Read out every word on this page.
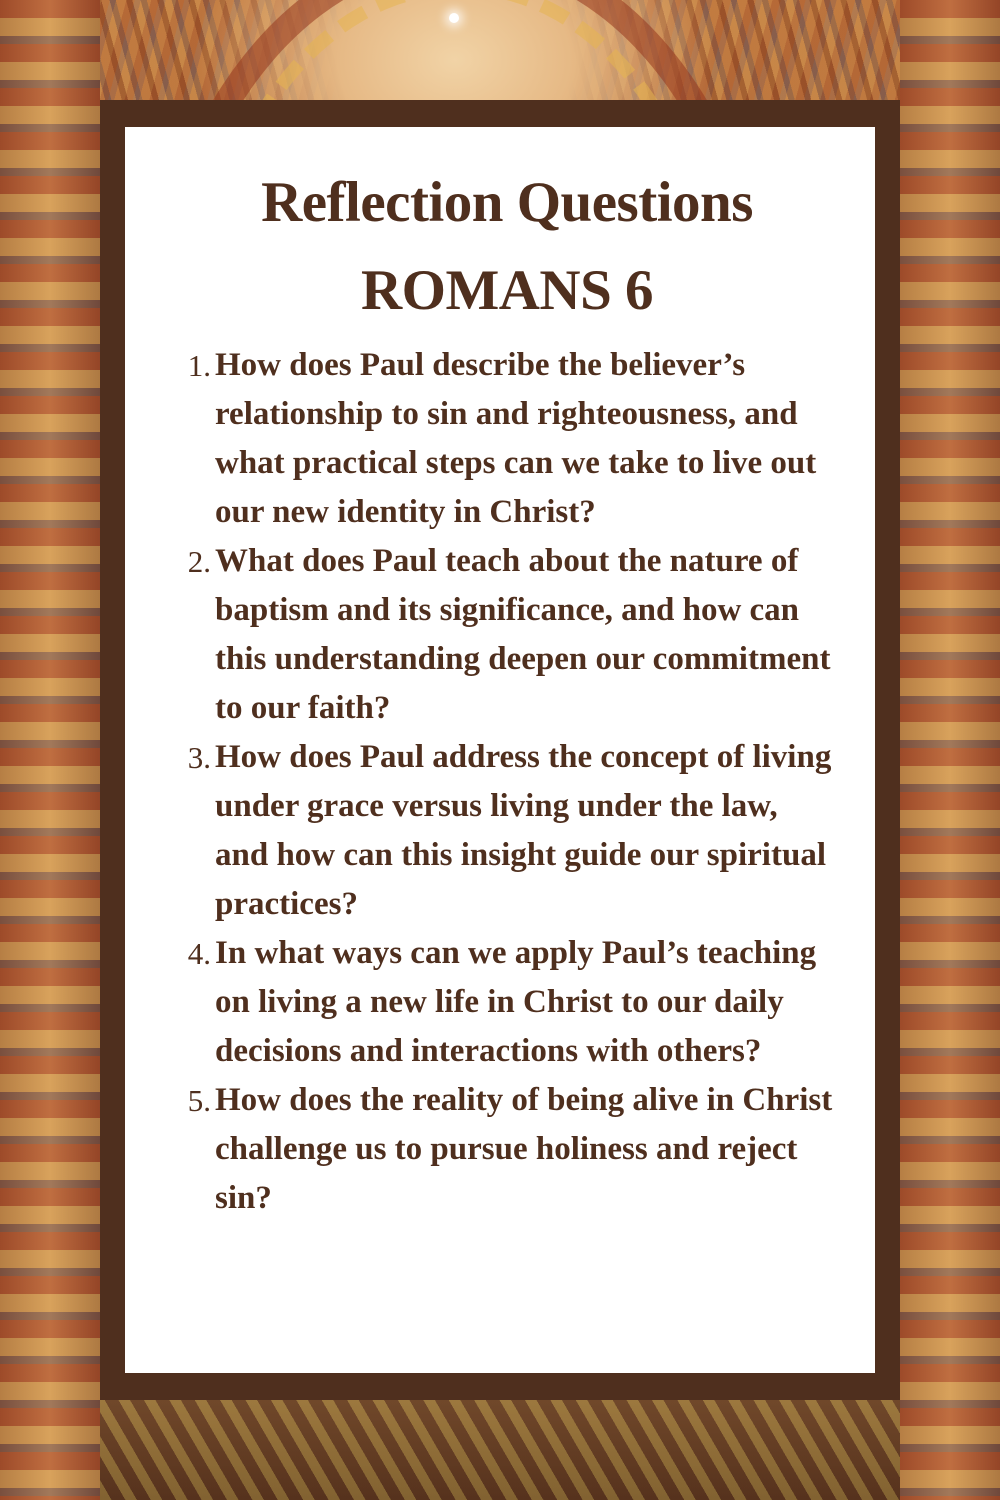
Reflection Questions
ROMANS 6
1. How does Paul describe the believer’s relationship to sin and righteousness, and what practical steps can we take to live out our new identity in Christ?
2. What does Paul teach about the nature of baptism and its significance, and how can this understanding deepen our commitment to our faith?
3. How does Paul address the concept of living under grace versus living under the law, and how can this insight guide our spiritual practices?
4. In what ways can we apply Paul’s teaching on living a new life in Christ to our daily decisions and interactions with others?
5. How does the reality of being alive in Christ challenge us to pursue holiness and reject sin?
